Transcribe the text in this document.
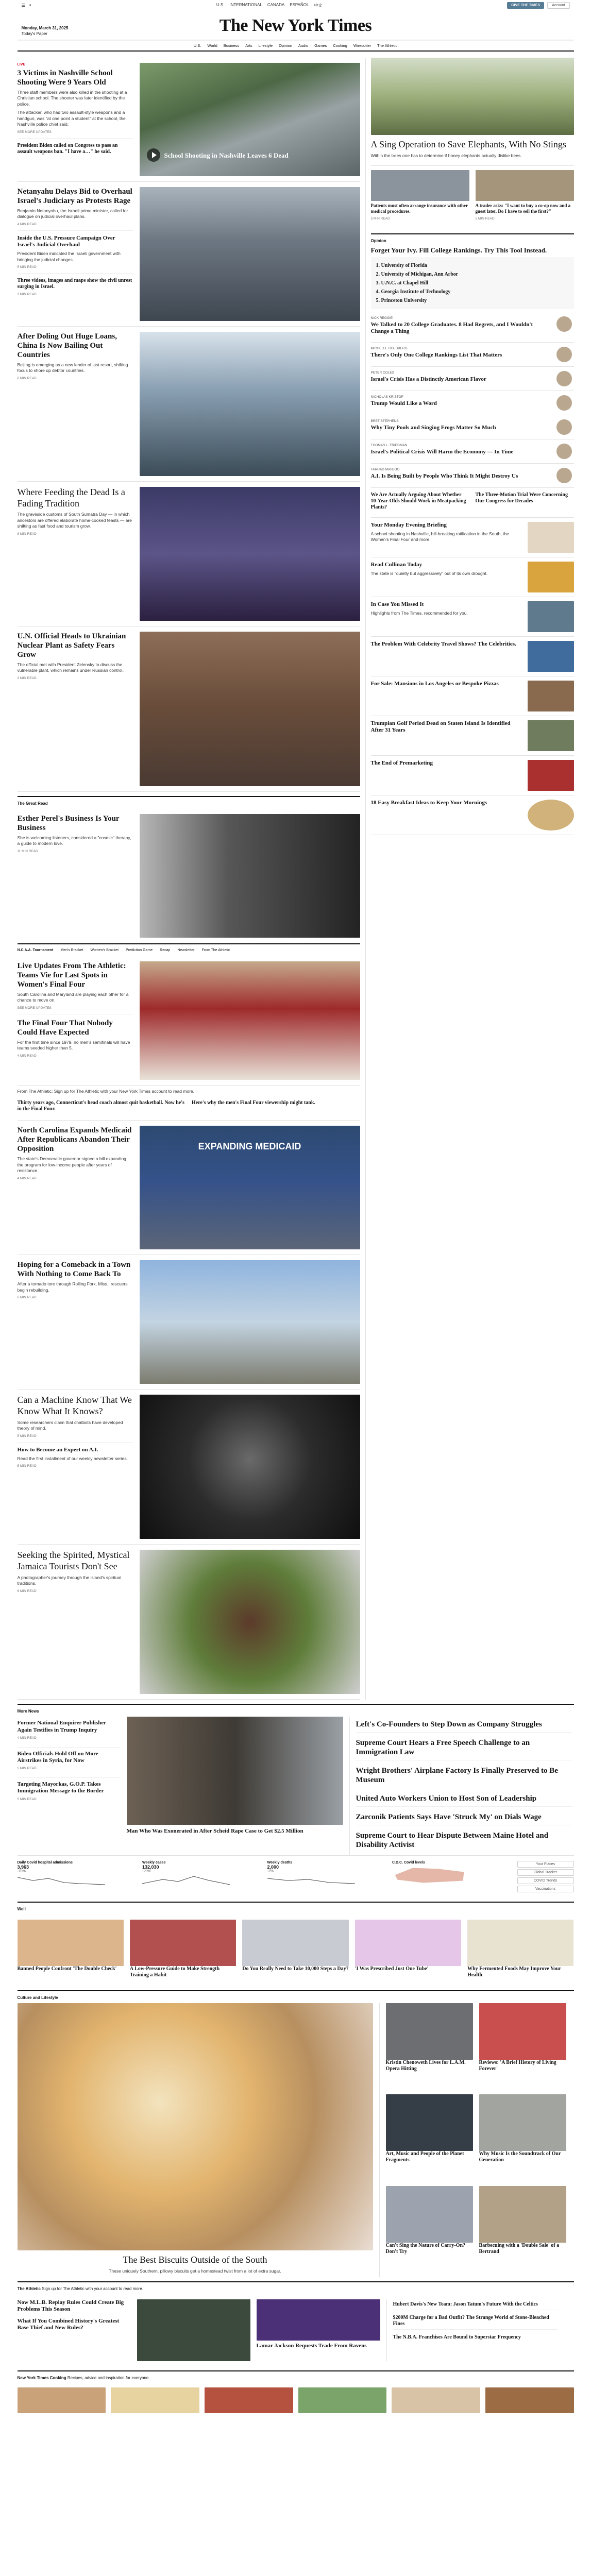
☰ ⌕	U.S. INTERNATIONAL CANADA ESPAÑOL 中文	GIVE THE TIMES	Account
Monday, March 31, 2025
Today's Paper	The New York Times
U.S. World Business Arts Lifestyle Opinion Audio Games Cooking Wirecutter The Athletic
LIVE
3 Victims in Nashville School Shooting Were 9 Years Old
Three staff members were also killed in the shooting at a Christian school. The shooter was later identified by the police.
The attacker, who had two assault-style weapons and a handgun, was "at one point a student" at the school, the Nashville police chief said.
SEE MORE UPDATES
President Biden called on Congress to pass an assault weapons ban. "I have a…" he said.	School Shooting in Nashville Leaves 6 Dead
Netanyahu Delays Bid to Overhaul Israel's Judiciary as Protests Rage
Benjamin Netanyahu, the Israeli prime minister, called for dialogue on judicial overhaul plans.
4 MIN READ
Inside the U.S. Pressure Campaign Over Israel's Judicial Overhaul
President Biden indicated the Israeli government with bringing the judicial changes.
5 MIN READ
Three videos, images and maps show the civil unrest surging in Israel.
3 MIN READ
After Doling Out Huge Loans, China Is Now Bailing Out Countries
Beijing is emerging as a new lender of last resort, shifting focus to shore up debtor countries.
6 MIN READ
Where Feeding the Dead Is a Fading Tradition
The graveside customs of South Sumatra Day — in which ancestors are offered elaborate home-cooked feasts — are shifting as fast food and tourism grow.
8 MIN READ
U.N. Official Heads to Ukrainian Nuclear Plant as Safety Fears Grow
The official met with President Zelensky to discuss the vulnerable plant, which remains under Russian control.
3 MIN READ
The Great Read
Esther Perel's Business Is Your Business
She is welcoming listeners, considered a "cosmic" therapy, a guide to modern love.
11 MIN READ
N.C.A.A. Tournament Men's Bracket Women's Bracket Prediction Game Recap Newsletter From The Athletic
Live Updates From The Athletic: Teams Vie for Last Spots in Women's Final Four
South Carolina and Maryland are playing each other for a chance to move on.
SEE MORE UPDATES
The Final Four That Nobody Could Have Expected
For the first time since 1979, no men's semifinals will have teams seeded higher than 5.
4 MIN READ
From The Athletic: Sign up for The Athletic with your New York Times account to read more.
Thirty years ago, Connecticut's head coach almost quit basketball. Now he's in the Final Four.
Here's why the men's Final Four viewership might tank.
North Carolina Expands Medicaid After Republicans Abandon Their Opposition
The state's Democratic governor signed a bill expanding the program for low-income people after years of resistance.
4 MIN READ
EXPANDING MEDICAID
Hoping for a Comeback in a Town With Nothing to Come Back To
After a tornado tore through Rolling Fork, Miss., rescuers begin rebuilding.
6 MIN READ
Can a Machine Know That We Know What It Knows?
Some researchers claim that chatbots have developed theory of mind.
5 MIN READ
How to Become an Expert on A.I.
Read the first installment of our weekly newsletter series.
5 MIN READ
Seeking the Spirited, Mystical Jamaica Tourists Don't See
A photographer's journey through the island's spiritual traditions.
6 MIN READ
A Sing Operation to Save Elephants, With No Stings
Within the trees one has to determine if honey elephants actually dislike bees.
Patients must often arrange insurance with other medical procedures.
5 MIN READ
A trader asks: "I want to buy a co-op now and a guest later. Do I have to sell the first?"
5 MIN READ
Opinion
Forget Your Ivy. Fill College Rankings. Try This Tool Instead.
1. University of Florida
2. University of Michigan, Ann Arbor
3. U.N.C. at Chapel Hill
4. Georgia Institute of Technology
5. Princeton University
NICK REGGIE
We Talked to 20 College Graduates. 8 Had Regrets, and I Wouldn't Change a Thing
MICHELLE GOLDBERG
There's Only One College Rankings List That Matters
PETER COLES
Israel's Crisis Has a Distinctly American Flavor
NICHOLAS KRISTOF
Trump Would Like a Word
BRET STEPHENS
Why Tiny Pools and Singing Frogs Matter So Much
THOMAS L. FRIEDMAN
Israel's Political Crisis Will Harm the Economy — In Time
FARHAD MANJOO
A.I. Is Being Built by People Who Think It Might Destroy Us
We Are Actually Arguing About Whether 10-Year-Olds Should Work in Meatpacking Plants?
The Three-Motion Trial Were Concerning Our Congress for Decades
Your Monday Evening Briefing
A school shooting in Nashville, bill-breaking ratification in the South, the Women's Final Four and more.
Read Cullinan Today
The state is "quietly but aggressively" out of its own drought.
In Case You Missed It
Highlights from The Times, recommended for you.
The Problem With Celebrity Travel Shows? The Celebrities.
For Sale: Mansions in Los Angeles or Bespoke Pizzas
Trumpian Golf Period Dead on Staten Island Is Identified After 31 Years
The End of Premarketing
18 Easy Breakfast Ideas to Keep Your Mornings
More News
Former National Enquirer Publisher Again Testifies in Trump Inquiry
4 MIN READ
Biden Officials Hold Off on More Airstrikes in Syria, for Now
5 MIN READ
Targeting Mayorkas, G.O.P. Takes Immigration Message to the Border
5 MIN READ
Man Who Was Exonerated in After Scheid Rape Case to Get $2.5 Million
Left's Co-Founders to Step Down as Company Struggles
Supreme Court Hears a Free Speech Challenge to an Immigration Law
Wright Brothers' Airplane Factory Is Finally Preserved to Be Museum
United Auto Workers Union to Host Son of Leadership
Zarconik Patients Says Have 'Struck My' on Dials Wage
Supreme Court to Hear Dispute Between Maine Hotel and Disability Activist
Daily Covid hospital admissions
3,963
-10%
Weekly cases
132,030
-29%
Weekly deaths
2,000
-2%
C.D.C. Covid levels	Your Places
Global Tracker
COVID Trends
Vaccinations
Well
Banned People Confront 'The Double Check'	A Low-Pressure Guide to Make Strength Training a Habit
Do You Really Need to Take 10,000 Steps a Day? 'I Was Prescribed Just One Tube'	Why Fermented Foods May Improve Your Health
Culture and Lifestyle
The Best Biscuits Outside of the South
These uniquely Southern, pillowy biscuits get a homestead twist from a lot of extra sugar.
Kristin Chenoweth Lives for L.A.M. Opera Hitting
Reviews: 'A Brief History of Living Forever'
Art, Music and People of the Planet Fragments
Why Music Is the Soundtrack of Our Generation
Can't Sing the Nature of Carry-On? Don't Try
Barbecuing with a 'Double Sale' of a Bertrand
The Athletic Sign up for The Athletic with your account to read more.
Now M.L.B. Replay Rules Could Create Big Problems This Season
What If You Combined History's Greatest Base Thief and New Rules?
Lamar Jackson Requests Trade From Ravens
Hubert Davis's New Team: Jason Tatum's Future With the Celtics
$200M Charge for a Bad Outfit? The Strange World of Stone-Bleached Fines
The N.B.A. Franchises Are Bound to Superstar Frequency
New York Times Cooking Recipes, advice and inspiration for everyone.
